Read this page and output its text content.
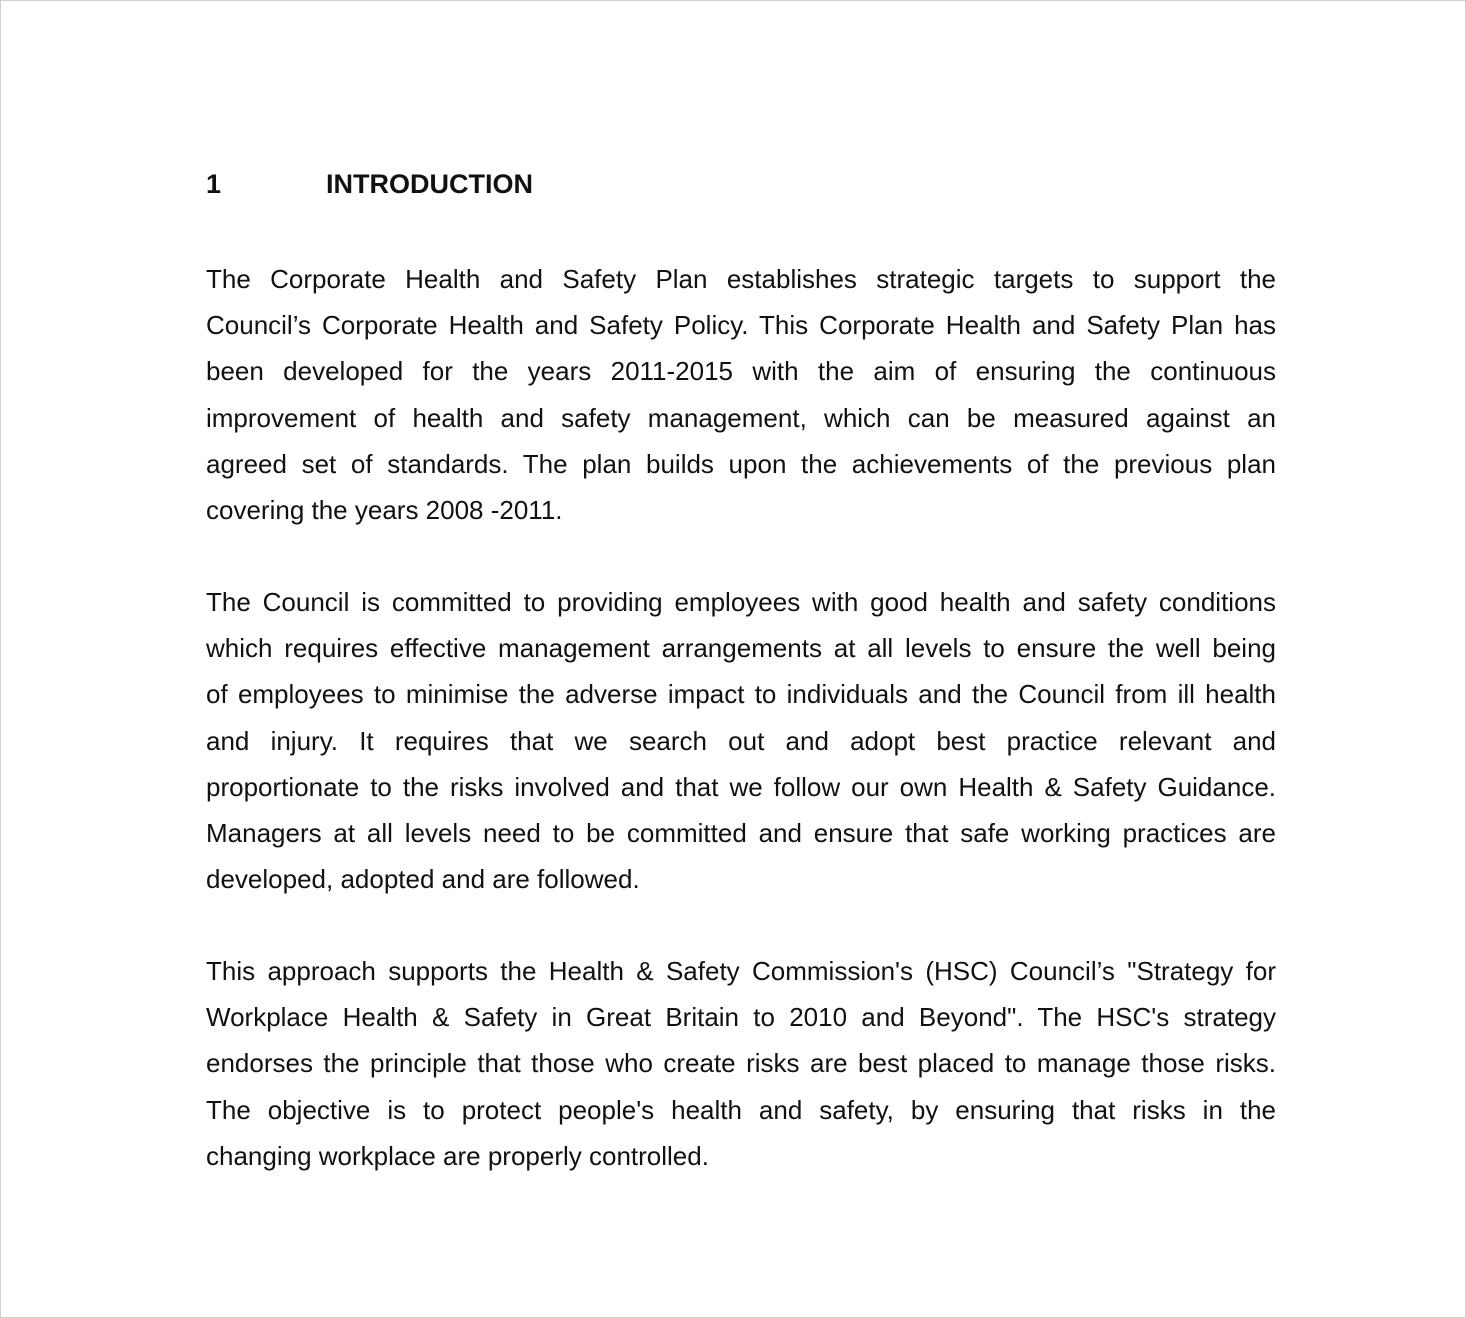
1	INTRODUCTION
The Corporate Health and Safety Plan establishes strategic targets to support the
Council’s Corporate Health and Safety Policy. This Corporate Health and Safety Plan has
been developed for the years 2011-2015 with the aim of ensuring the continuous
improvement of health and safety management, which can be measured against an
agreed set of standards. The plan builds upon the achievements of the previous plan
covering the years 2008 -2011.
The Council is committed to providing employees with good health and safety conditions
which requires effective management arrangements at all levels to ensure the well being
of employees to minimise the adverse impact to individuals and the Council from ill health
and injury. It requires that we search out and adopt best practice relevant and
proportionate to the risks involved and that we follow our own Health & Safety Guidance.
Managers at all levels need to be committed and ensure that safe working practices are
developed, adopted and are followed.
This approach supports the Health & Safety Commission's (HSC) Council’s "Strategy for
Workplace Health & Safety in Great Britain to 2010 and Beyond". The HSC's strategy
endorses the principle that those who create risks are best placed to manage those risks.
The objective is to protect people's health and safety, by ensuring that risks in the
changing workplace are properly controlled.
